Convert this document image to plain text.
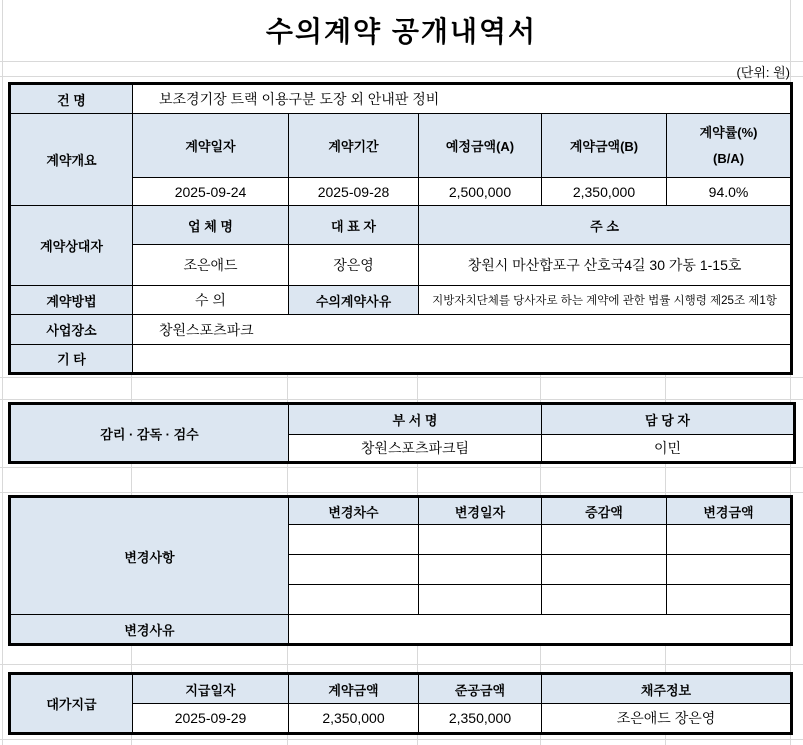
수의계약 공개내역서
(단위: 원)
건 명	보조경기장 트랙 이용구분 도장 외 안내판 정비				
계약개요	계약일자	계약기간	예정금액(A)	계약금액(B)	계약률(%)
(B/A)

	2025-09-24	2025-09-28	2,500,000	2,350,000	94.0%
계약상대자	업 체 명	대 표 자	주 소		
	조은애드	장은영	창원시 마산합포구 산호국4길 30 가동 1-15호		
계약방법	수 의	수의계약사유	지방자치단체를 당사자로 하는 계약에 관한 법률 시행령 제25조 제1항		
사업장소	창원스포츠파크				
기 타					
감리 · 감독 · 검수	부 서 명	담 당 자
	창원스포츠파크팀	이민
변경사항	변경차수	변경일자	증감액	변경금액

변경사유				
대가지급	지급일자	계약금액	준공금액	채주정보
	2025-09-29	2,350,000	2,350,000	조은애드 장은영
